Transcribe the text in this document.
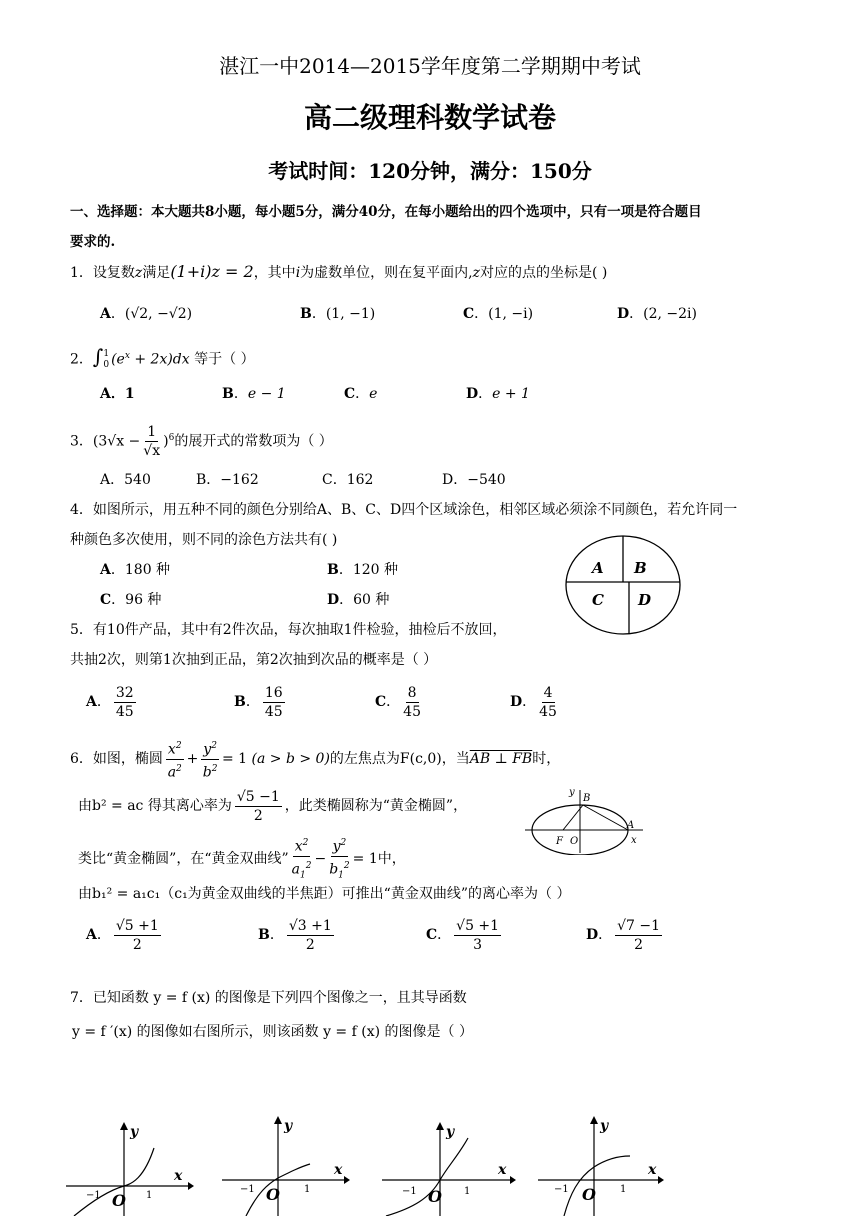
湛江一中2014—2015学年度第二学期期中考试
高二级理科数学试卷
考试时间：120分钟，满分：150分
一、选择题：本大题共8小题，每小题5分，满分40分，在每小题给出的四个选项中，只有一项是符合题目
要求的.
1．设复数z满足(1+i)z = 2，其中i为虚数单位，则在复平面内,z对应的点的坐标是( )
A．(√2, −√2)	B．(1, −1)	C．(1, −i)	D．(2, −2i)
2．∫ 1
0 $(e^x + 2x)dx$ 等于（ ）
A．1	B．e − 1	C．e	D．e + 1
3．$(3√x - \frac{1}{√x} )^6$的展开式的常数项为（ ）
A．540	B．−162	C．162	D．−540
4．如图所示，用五种不同的颜色分别给A、B、C、D四个区域涂色，相邻区域必须涂不同颜色，若允许同一
种颜色多次使用，则不同的涂色方法共有( )
A．180 种	B．120 种
C．96 种	D．60 种
A B
C D
5．有10件产品，其中有2件次品，每次抽取1件检验，抽检后不放回，
共抽2次，则第1次抽到正品，第2次抽到次品的概率是（ ）
A． $\frac{32}{45}$	B． $\frac{16}{45}$	C． $\frac{8}{45}$	D． $\frac{4}{45}$
6．如图，椭圆 $\frac{x^2}{a^2} + \frac{y^2}{b^2} = 1$ (a > b > 0)的左焦点为F(c,0)，当AB ⊥ FB时，
由b² = ac 得其离心率为 $\frac{√5 -1}{2}$ ，此类椭圆称为“黄金椭圆”，
类比“黄金椭圆”，在“黄金双曲线” $\frac{x^2}{a_1^2} - \frac{y^2}{b_1^2} = 1$中，
由b₁² = a₁c₁（c₁为黄金双曲线的半焦距）可推出“黄金双曲线”的离心率为（ ）
A． $\frac{√5 +1}{2}$	B． $\frac{√3 +1}{2}$	C． $\frac{√5 +1}{3}$	D． $\frac{√7 -1}{2}$
y
B
F O
A
x
7．已知函数 y = f (x) 的图像是下列四个图像之一，且其导函数
y = f ′(x) 的图像如右图所示，则该函数 y = f (x) 的图像是（ ）
y
x
−1	1
O
y
x
−1	1
O
y
x
−1	1
O
y
x
−1	1
O
